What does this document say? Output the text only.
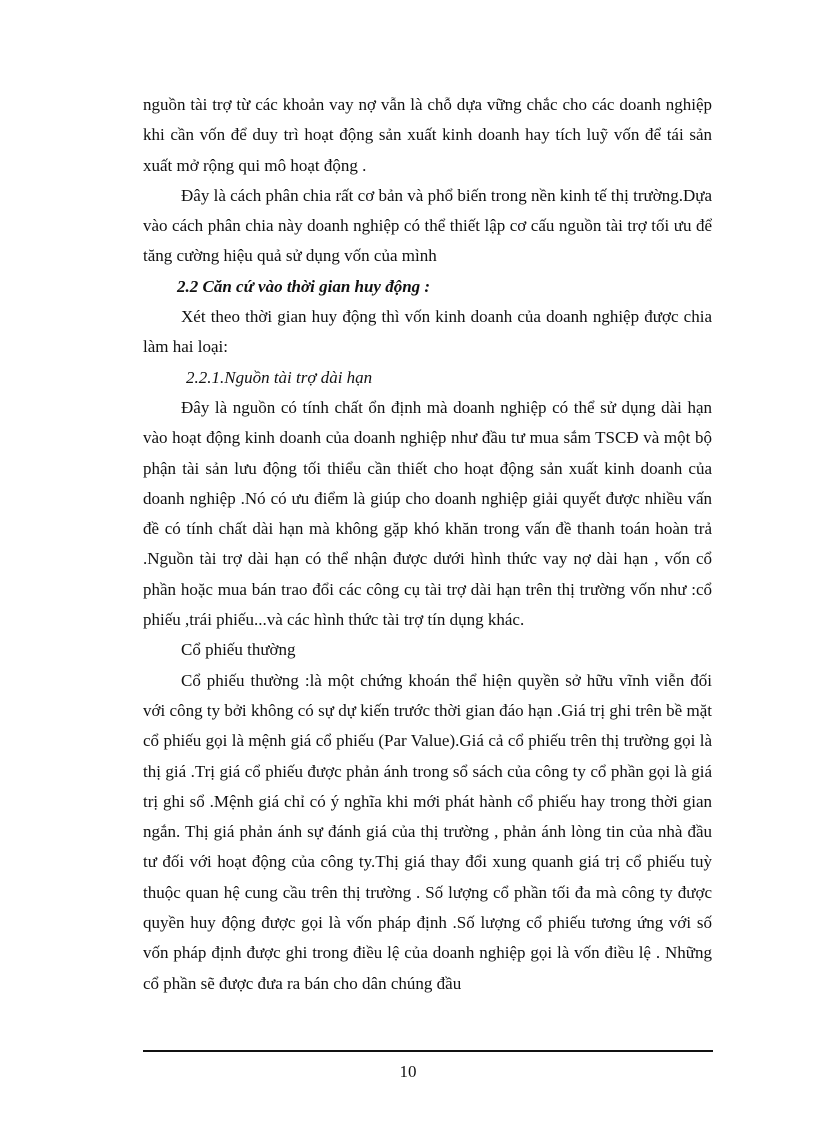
nguồn tài trợ từ các khoản vay nợ vẫn là chỗ dựa vững chắc cho các doanh nghiệp khi cần vốn để duy trì hoạt động sản xuất kinh doanh hay tích luỹ vốn để tái sản xuất mở rộng qui mô hoạt động .

Đây là cách phân chia rất cơ bản và phổ biến trong nền kinh tế thị trường.Dựa vào cách phân chia này doanh nghiệp có thể thiết lập cơ cấu nguồn tài trợ tối ưu để tăng cường hiệu quả sử dụng vốn của mình

2.2 Căn cứ vào thời gian huy động :

Xét theo thời gian huy động thì vốn kinh doanh của doanh nghiệp được chia làm hai loại:

2.2.1.Nguồn tài trợ dài hạn

Đây là nguồn có tính chất ổn định mà doanh nghiệp có thể sử dụng dài hạn vào hoạt động kinh doanh của doanh nghiệp như đầu tư mua sắm TSCĐ và một bộ phận tài sản lưu động tối thiểu cần thiết cho hoạt động sản xuất kinh doanh của doanh nghiệp .Nó có ưu điểm là giúp cho doanh nghiệp giải quyết được nhiều vấn đề có tính chất dài hạn mà không gặp khó khăn trong vấn đề thanh toán hoàn trả .Nguồn tài trợ dài hạn có thể nhận được dưới hình thức vay nợ dài hạn , vốn cổ phần hoặc mua bán trao đổi các công cụ tài trợ dài hạn trên thị trường vốn như :cổ phiếu ,trái phiếu...và các hình thức tài trợ tín dụng khác.

Cổ phiếu thường

Cổ phiếu thường :là một chứng khoán thể hiện quyền sở hữu vĩnh viễn đối với công ty bởi không có sự dự kiến trước thời gian đáo hạn .Giá trị ghi trên bề mặt cổ phiếu gọi là mệnh giá cổ phiếu (Par Value).Giá cả cổ phiếu trên thị trường gọi là thị giá .Trị giá cổ phiếu được phản ánh trong sổ sách của công ty cổ phần gọi là giá trị ghi sổ .Mệnh giá chỉ có ý nghĩa khi mới phát hành cổ phiếu hay trong thời gian ngắn. Thị giá phản ánh sự đánh giá của thị trường , phản ánh lòng tin của nhà đầu tư đối với hoạt động của công ty.Thị giá thay đổi xung quanh giá trị cổ phiếu tuỳ thuộc quan hệ cung cầu trên thị trường . Số lượng cổ phần tối đa mà công ty được quyền huy động được gọi là vốn pháp định .Số lượng cổ phiếu tương ứng với số vốn pháp định được ghi trong điều lệ của doanh nghiệp gọi là vốn điều lệ . Những cổ phần sẽ được đưa ra bán cho dân chúng đầu

10
